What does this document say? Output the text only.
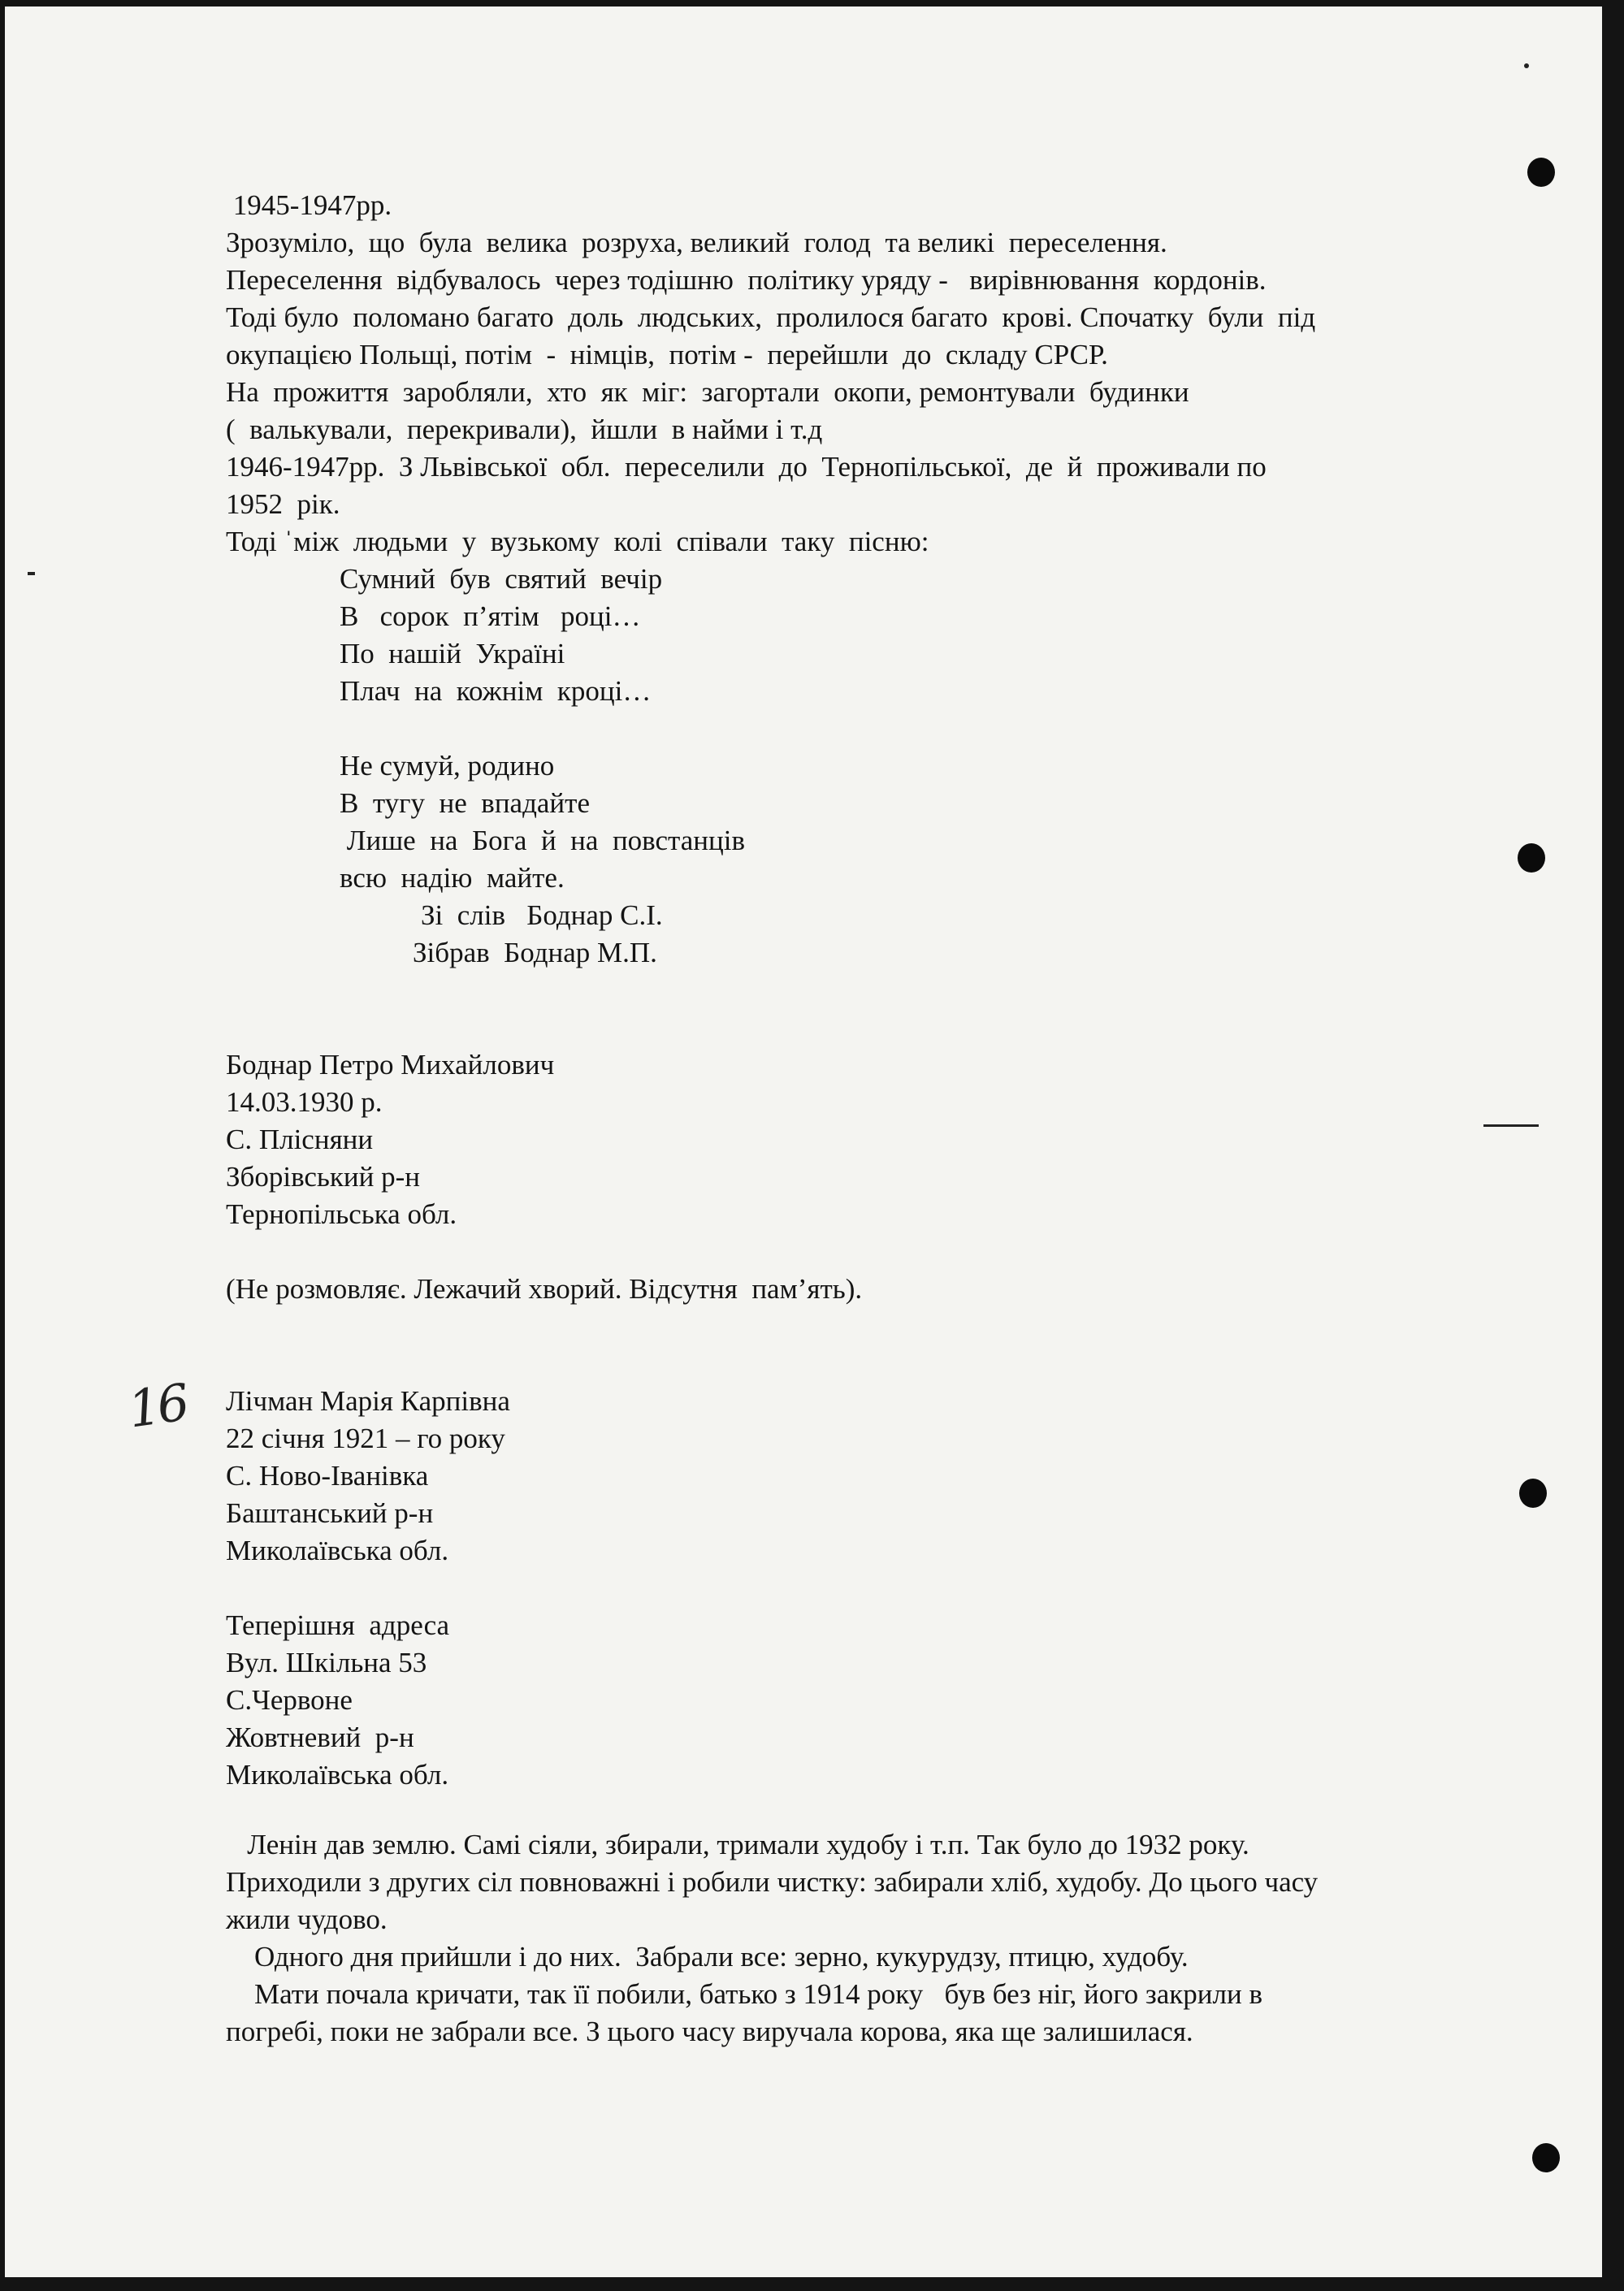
1945-1947рр.
Зрозуміло,  що  була  велика  розруха, великий  голод  та великі  переселення.
Переселення  відбувалось  через тодішню  політику уряду -   вирівнювання  кордонів.
Тоді було  поломано багато  доль  людських,  пролилося багато  крові. Спочатку  були  під
окупацією Польщі, потім  -  німців,  потім -  перейшли  до  складу СРСР.
На  прожиття  заробляли,  хто  як  міг:  загортали  окопи, ремонтували  будинки
(  валькували,  перекривали),  йшли  в найми і т.д
1946-1947рр.  З Львівської  обл.  переселили  до  Тернопільської,  де  й  проживали по
1952  рік.
Тоді ˈміж  людьми  у  вузькому  колі  співали  таку  пісню:
Сумний  був  святий  вечір
В   сорок  п’ятім   році…
По  нашій  Україні
Плач  на  кожнім  кроці…
Не сумуй, родино
В  тугу  не  впадайте
Лише  на  Бога  й  на  повстанців
всю  надію  майте.
Зі  слів   Боднар С.І.
Зібрав  Боднар М.П.
Боднар Петро Михайлович
14.03.1930 р.
С. Плісняни
Зборівський р-н
Тернопільська обл.
(Не розмовляє. Лежачий хворий. Відсутня  пам’ять).
16 Лічман Марія Карпівна
22 січня 1921 – го року
С. Ново-Іванівка
Баштанський р-н
Миколаївська обл.
Теперішня  адреса
Вул. Шкільна 53
С.Червоне
Жовтневий  р-н
Миколаївська обл.
Ленін дав землю. Самі сіяли, збирали, тримали худобу і т.п. Так було до 1932 року.
Приходили з других сіл повноважні і робили чистку: забирали хліб, худобу. До цього часу
жили чудово.
Одного дня прийшли і до них.  Забрали все: зерно, кукурудзу, птицю, худобу.
Мати почала кричати, так її побили, батько з 1914 року   був без ніг, його закрили в
погребі, поки не забрали все. З цього часу виручала корова, яка ще залишилася.
